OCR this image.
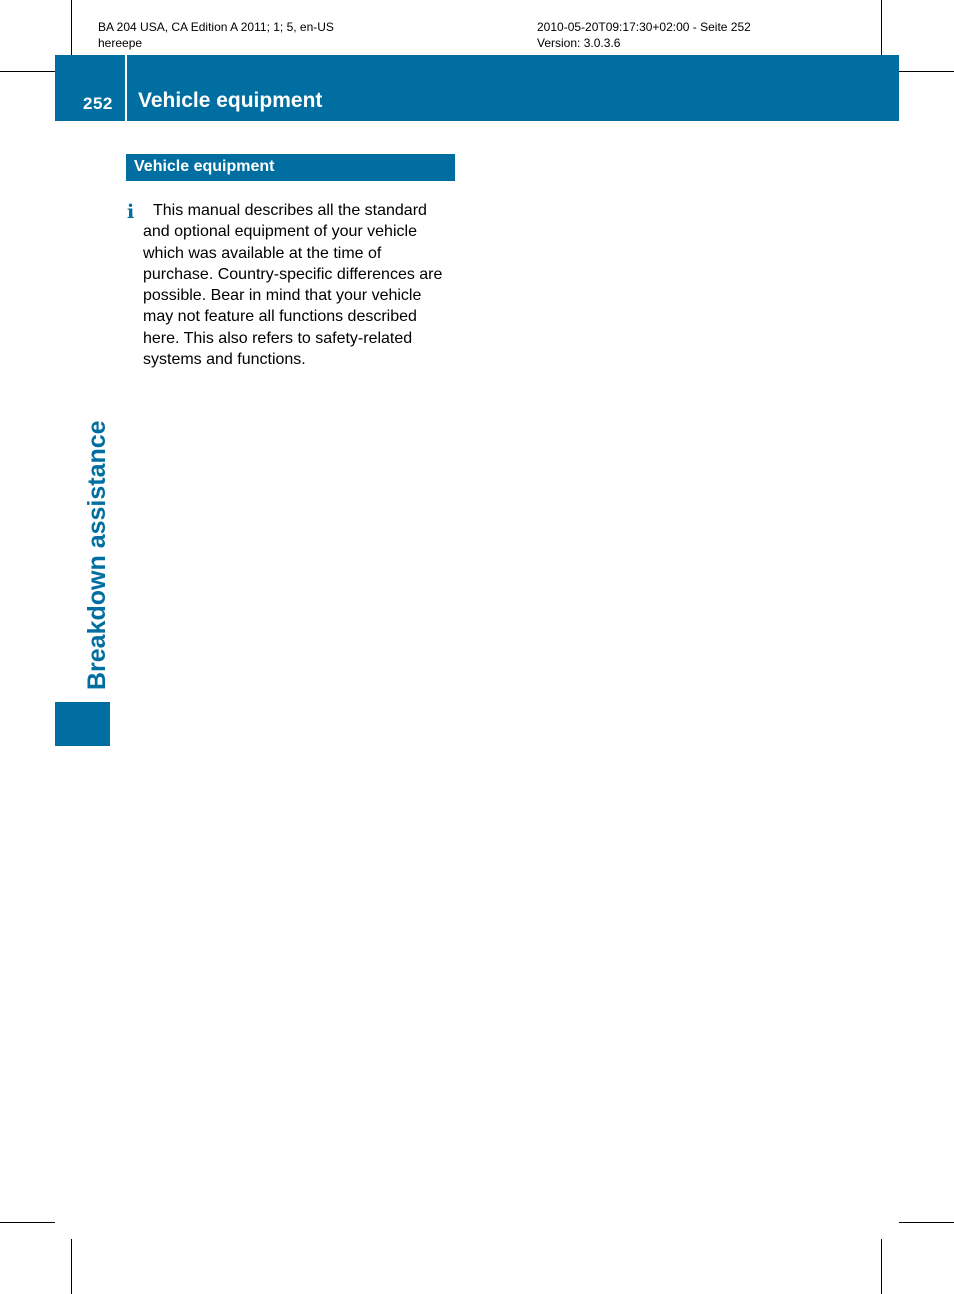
BA 204 USA, CA Edition A 2011; 1; 5, en-US
hereepe
2010-05-20T09:17:30+02:00 - Seite 252
Version: 3.0.3.6
252 Vehicle equipment
Breakdown assistance
Vehicle equipment
i	This manual describes all the standard
and optional equipment of your vehicle
which was available at the time of
purchase. Country-specific differences are
possible. Bear in mind that your vehicle
may not feature all functions described
here. This also refers to safety-related
systems and functions.
